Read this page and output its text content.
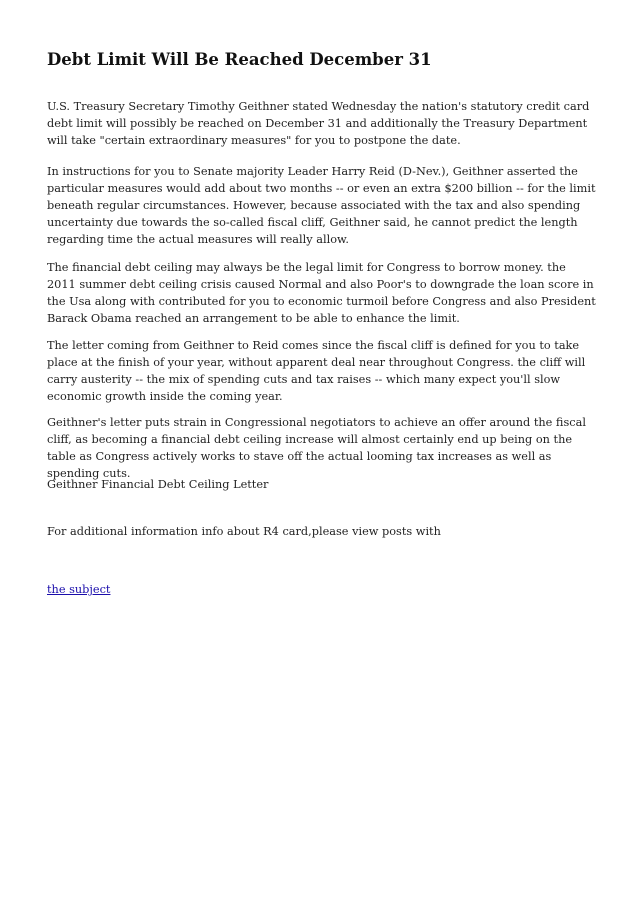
Debt Limit Will Be Reached December 31

U.S. Treasury Secretary Timothy Geithner stated Wednesday the nation's statutory credit card debt limit will possibly be reached on December 31 and additionally the Treasury Department will take "certain extraordinary measures" for you to postpone the date.

In instructions for you to Senate majority Leader Harry Reid (D-Nev.), Geithner asserted the particular measures would add about two months -- or even an extra $200 billion -- for the limit beneath regular circumstances. However, because associated with the tax and also spending uncertainty due towards the so-called fiscal cliff, Geithner said, he cannot predict the length regarding time the actual measures will really allow.

The financial debt ceiling may always be the legal limit for Congress to borrow money. the 2011 summer debt ceiling crisis caused Normal and also Poor's to downgrade the loan score in the Usa along with contributed for you to economic turmoil before Congress and also President Barack Obama reached an arrangement to be able to enhance the limit.

The letter coming from Geithner to Reid comes since the fiscal cliff is defined for you to take place at the finish of your year, without apparent deal near throughout Congress. the cliff will carry austerity -- the mix of spending cuts and tax raises -- which many expect you'll slow economic growth inside the coming year.

Geithner's letter puts strain in Congressional negotiators to achieve an offer around the fiscal cliff, as becoming a financial debt ceiling increase will almost certainly end up being on the table as Congress actively works to stave off the actual looming tax increases as well as spending cuts.

Geithner Financial Debt Ceiling Letter

For additional information info about R4 card,please view posts with

the subject
